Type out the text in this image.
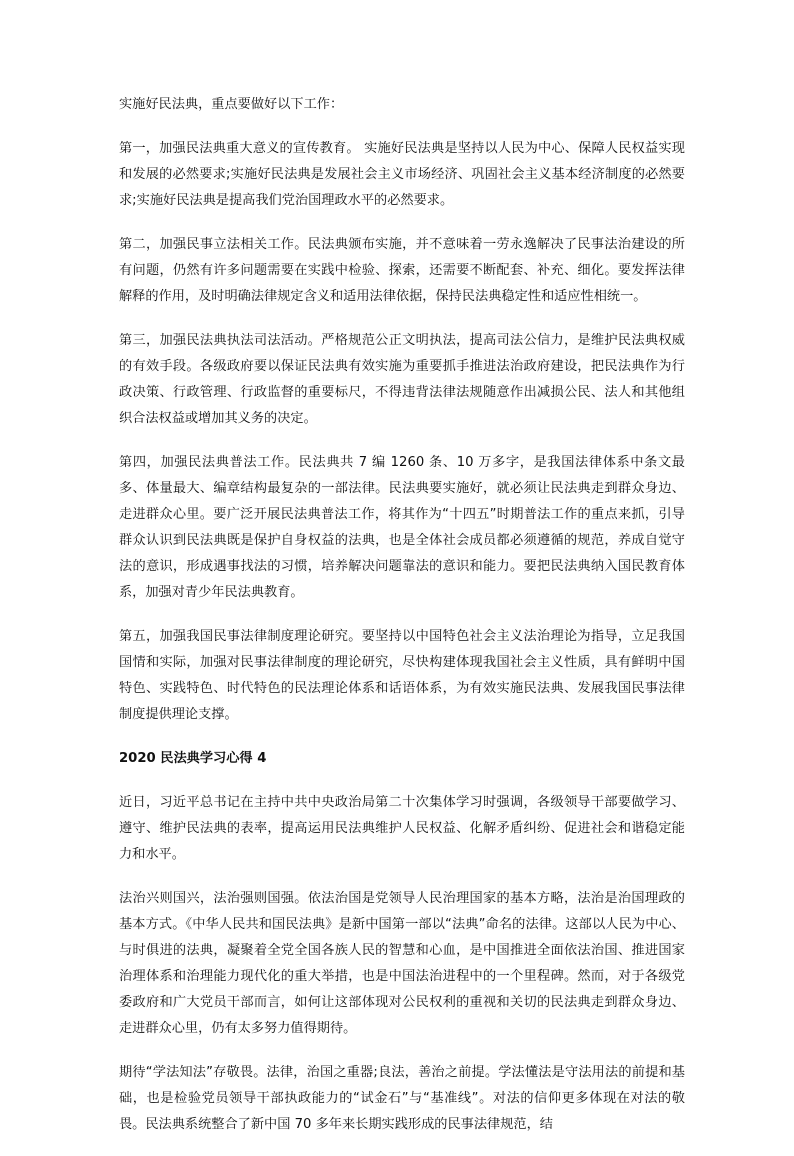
实施好民法典，重点要做好以下工作：

第一，加强民法典重大意义的宣传教育。 实施好民法典是坚持以人民为中心、保障人民权益实现和发展的必然要求;实施好民法典是发展社会主义市场经济、巩固社会主义基本经济制度的必然要求;实施好民法典是提高我们党治国理政水平的必然要求。

第二，加强民事立法相关工作。民法典颁布实施，并不意味着一劳永逸解决了民事法治建设的所有问题，仍然有许多问题需要在实践中检验、探索，还需要不断配套、补充、细化。要发挥法律解释的作用，及时明确法律规定含义和适用法律依据，保持民法典稳定性和适应性相统一。

第三，加强民法典执法司法活动。严格规范公正文明执法，提高司法公信力，是维护民法典权威的有效手段。各级政府要以保证民法典有效实施为重要抓手推进法治政府建设，把民法典作为行政决策、行政管理、行政监督的重要标尺，不得违背法律法规随意作出减损公民、法人和其他组织合法权益或增加其义务的决定。

第四，加强民法典普法工作。民法典共 7 编 1260 条、10 万多字，是我国法律体系中条文最多、体量最大、编章结构最复杂的一部法律。民法典要实施好，就必须让民法典走到群众身边、走进群众心里。要广泛开展民法典普法工作，将其作为“十四五”时期普法工作的重点来抓，引导群众认识到民法典既是保护自身权益的法典，也是全体社会成员都必须遵循的规范，养成自觉守法的意识，形成遇事找法的习惯，培养解决问题靠法的意识和能力。要把民法典纳入国民教育体系，加强对青少年民法典教育。

第五，加强我国民事法律制度理论研究。要坚持以中国特色社会主义法治理论为指导，立足我国国情和实际，加强对民事法律制度的理论研究，尽快构建体现我国社会主义性质，具有鲜明中国特色、实践特色、时代特色的民法理论体系和话语体系，为有效实施民法典、发展我国民事法律制度提供理论支撑。

2020 民法典学习心得 4

近日，习近平总书记在主持中共中央政治局第二十次集体学习时强调，各级领导干部要做学习、遵守、维护民法典的表率，提高运用民法典维护人民权益、化解矛盾纠纷、促进社会和谐稳定能力和水平。

法治兴则国兴，法治强则国强。依法治国是党领导人民治理国家的基本方略，法治是治国理政的基本方式。《中华人民共和国民法典》是新中国第一部以“法典”命名的法律。这部以人民为中心、与时俱进的法典，凝聚着全党全国各族人民的智慧和心血，是中国推进全面依法治国、推进国家治理体系和治理能力现代化的重大举措，也是中国法治进程中的一个里程碑。然而，对于各级党委政府和广大党员干部而言，如何让这部体现对公民权利的重视和关切的民法典走到群众身边、走进群众心里，仍有太多努力值得期待。

期待“学法知法”存敬畏。法律，治国之重器;良法，善治之前提。学法懂法是守法用法的前提和基础，也是检验党员领导干部执政能力的“试金石”与“基准线”。对法的信仰更多体现在对法的敬畏。民法典系统整合了新中国 70 多年来长期实践形成的民事法律规范，结
